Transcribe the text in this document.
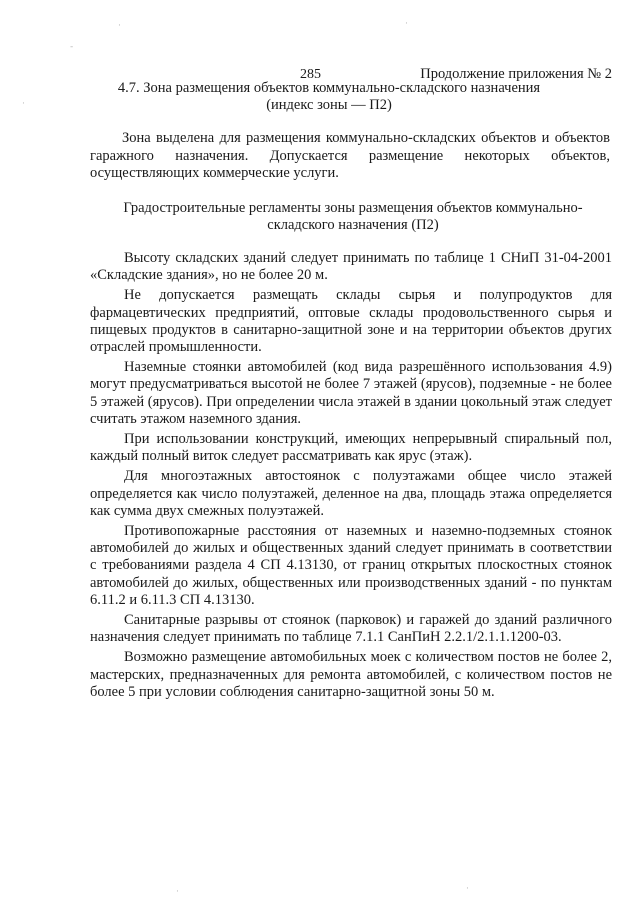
285	Продолжение приложения № 2
4.7. Зона размещения объектов коммунально-складского назначения
(индекс зоны — П2)

Зона выделена для размещения коммунально-складских объектов и объектов гаражного назначения. Допускается размещение некоторых объектов, осуществляющих коммерческие услуги.

Градостроительные регламенты зоны размещения объектов коммунально-
складского назначения (П2)

Высоту складских зданий следует принимать по таблице 1 СНиП 31-04-2001 «Складские здания», но не более 20 м.

Не допускается размещать склады сырья и полупродуктов для фармацевтических предприятий, оптовые склады продовольственного сырья и пищевых продуктов в санитарно-защитной зоне и на территории объектов других отраслей промышленности.

Наземные стоянки автомобилей (код вида разрешённого использования 4.9) могут предусматриваться высотой не более 7 этажей (ярусов), подземные - не более 5 этажей (ярусов). При определении числа этажей в здании цокольный этаж следует считать этажом наземного здания.

При использовании конструкций, имеющих непрерывный спиральный пол, каждый полный виток следует рассматривать как ярус (этаж).

Для многоэтажных автостоянок с полуэтажами общее число этажей определяется как число полуэтажей, деленное на два, площадь этажа определяется как сумма двух смежных полуэтажей.

Противопожарные расстояния от наземных и наземно-подземных стоянок автомобилей до жилых и общественных зданий следует принимать в соответствии с требованиями раздела 4 СП 4.13130, от границ открытых плоскостных стоянок автомобилей до жилых, общественных или производственных зданий - по пунктам 6.11.2 и 6.11.3 СП 4.13130.

Санитарные разрывы от стоянок (парковок) и гаражей до зданий различного назначения следует принимать по таблице 7.1.1 СанПиН 2.2.1/2.1.1.1200-03.

Возможно размещение автомобильных моек с количеством постов не более 2, мастерских, предназначенных для ремонта автомобилей, с количеством постов не более 5 при условии соблюдения санитарно-защитной зоны 50 м.

·	·
·
-
·
·
